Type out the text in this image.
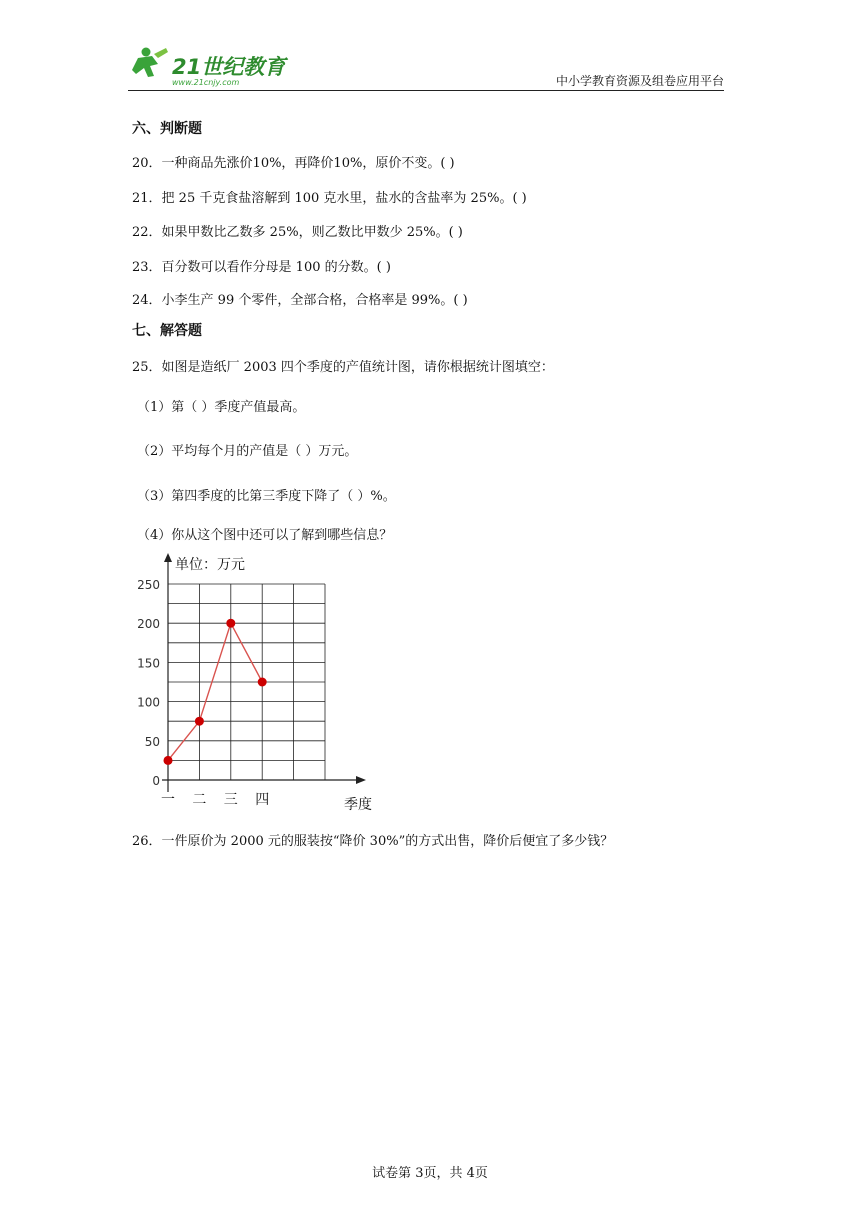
21世纪教育
www.21cnjy.com	中小学教育资源及组卷应用平台
六、判断题
20．一种商品先涨价10%，再降价10%，原价不变。( )
21．把 25 千克食盐溶解到 100 克水里，盐水的含盐率为 25%。( )
22．如果甲数比乙数多 25%，则乙数比甲数少 25%。( )
23．百分数可以看作分母是 100 的分数。( )
24．小李生产 99 个零件，全部合格，合格率是 99%。( )
七、解答题
25．如图是造纸厂 2003 四个季度的产值统计图，请你根据统计图填空：
（1）第（ ）季度产值最高。
（2）平均每个月的产值是（ ）万元。
（3）第四季度的比第三季度下降了（ ）%。
（4）你从这个图中还可以了解到哪些信息？
单位：万元
0
50
100
150
200
250
一 二 三 四	季度
26．一件原价为 2000 元的服装按“降价 30%”的方式出售，降价后便宜了多少钱？
试卷第 3页，共 4页
